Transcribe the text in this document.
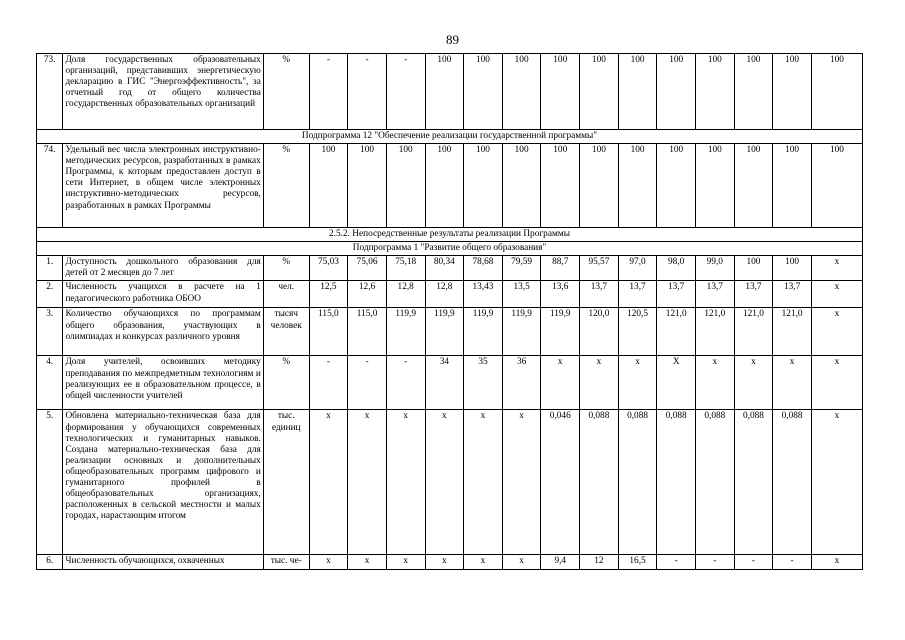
89
73.	Доля государственных образовательных организаций, представивших энергетическую декларацию в ГИС "Энергоэффективность", за отчетный год от общего количества государственных образовательных организаций	%	-	-	-	100	100	100	100	100	100	100	100	100	100	100
Подпрограмма 12 "Обеспечение реализации государственной программы"																
74.	Удельный вес числа электронных инструктивно-методических ресурсов, разработанных в рамках Программы, к которым предоставлен доступ в сети Интернет, в общем числе электронных инструктивно-методических ресурсов, разработанных в рамках Программы	%	100	100	100	100	100	100	100	100	100	100	100	100	100	100
2.5.2. Непосредственные результаты реализации Программы																
Подпрограмма 1 "Развитие общего образования"																
1.	Доступность дошкольного образования для детей от 2 месяцев до 7 лет	%	75,03	75,06	75,18	80,34	78,68	79,59	88,7	95,57	97,0	98,0	99,0	100	100	x
2.	Численность учащихся в расчете на 1 педагогического работника ОБОО	чел.	12,5	12,6	12,8	12,8	13,43	13,5	13,6	13,7	13,7	13,7	13,7	13,7	13,7	x
3.	Количество обучающихся по программам общего образования, участвующих в олимпиадах и конкурсах различного уровня	тысяч человек	115,0	115,0	119,9	119,9	119,9	119,9	119,9	120,0	120,5	121,0	121,0	121,0	121,0	x
4.	Доля учителей, освоивших методику преподавания по межпредметным технологиям и реализующих ее в образовательном процессе, в общей численности учителей	%	-	-	-	34	35	36	x	x	x	X	x	x	x	x
5.	Обновлена материально-техническая база для формирования у обучающихся современных технологических и гуманитарных навыков. Создана материально-техническая база для реализации основных и дополнительных общеобразовательных программ цифрового и гуманитарного профилей в общеобразовательных организациях, расположенных в сельской местности и малых городах, нарастающим итогом	тыс. единиц	x	x	x	x	x	x	0,046	0,088	0,088	0,088	0,088	0,088	0,088	x
6.	Численность обучающихся, охваченных	тыс. че-	x	x	x	x	x	x	9,4	12	16,5	-	-	-	-	x
